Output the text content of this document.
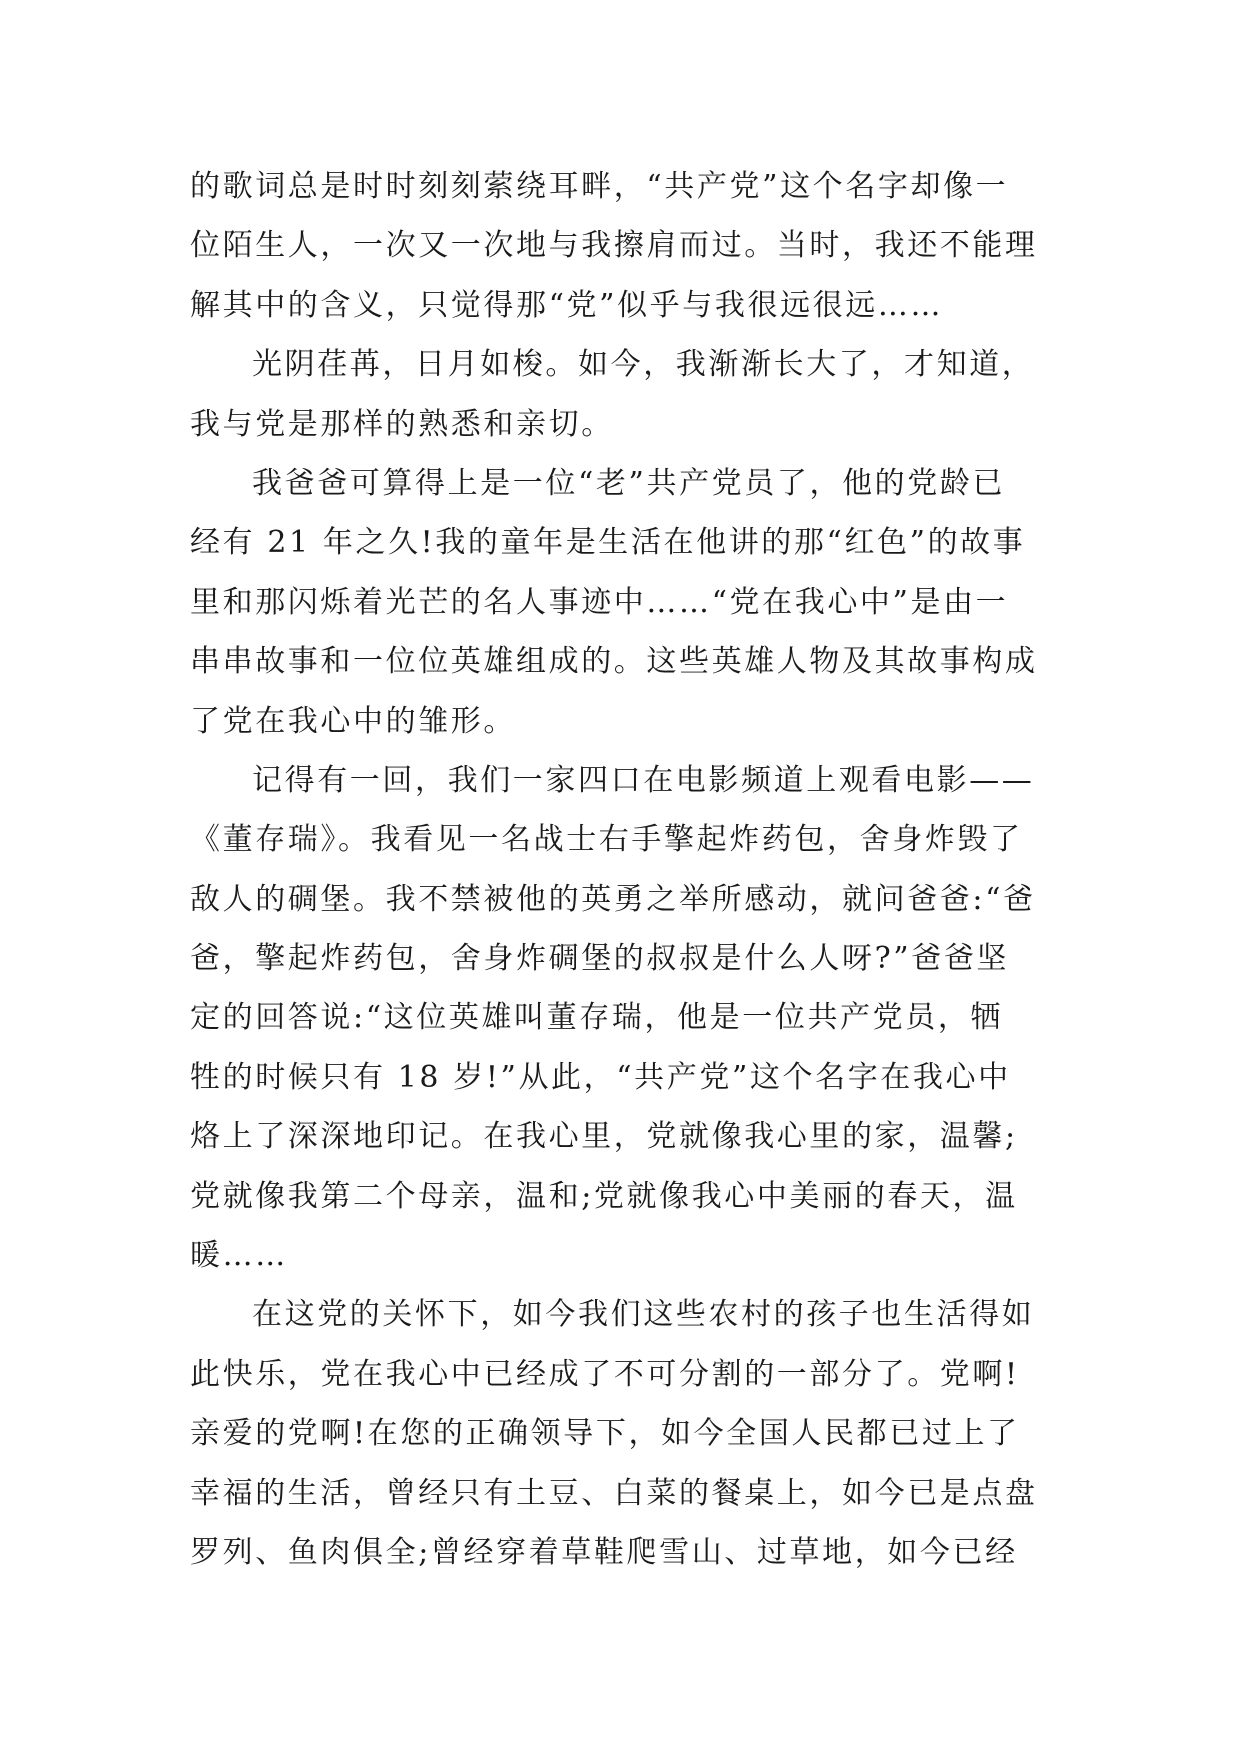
的歌词总是时时刻刻萦绕耳畔，“共产党”这个名字却像一
位陌生人，一次又一次地与我擦肩而过。当时，我还不能理
解其中的含义，只觉得那“党”似乎与我很远很远……
光阴荏苒，日月如梭。如今，我渐渐长大了，才知道，
我与党是那样的熟悉和亲切。
我爸爸可算得上是一位“老”共产党员了，他的党龄已
经有 21 年之久!我的童年是生活在他讲的那“红色”的故事
里和那闪烁着光芒的名人事迹中……“党在我心中”是由一
串串故事和一位位英雄组成的。这些英雄人物及其故事构成
了党在我心中的雏形。
记得有一回，我们一家四口在电影频道上观看电影——
《董存瑞》。我看见一名战士右手擎起炸药包，舍身炸毁了
敌人的碉堡。我不禁被他的英勇之举所感动，就问爸爸:“爸
爸，擎起炸药包，舍身炸碉堡的叔叔是什么人呀?”爸爸坚
定的回答说:“这位英雄叫董存瑞，他是一位共产党员，牺
牲的时候只有 18 岁!”从此，“共产党”这个名字在我心中
烙上了深深地印记。在我心里，党就像我心里的家，温馨;
党就像我第二个母亲，温和;党就像我心中美丽的春天，温
暖……
在这党的关怀下，如今我们这些农村的孩子也生活得如
此快乐，党在我心中已经成了不可分割的一部分了。党啊!
亲爱的党啊!在您的正确领导下，如今全国人民都已过上了
幸福的生活，曾经只有土豆、白菜的餐桌上，如今已是点盘
罗列、鱼肉俱全;曾经穿着草鞋爬雪山、过草地，如今已经
